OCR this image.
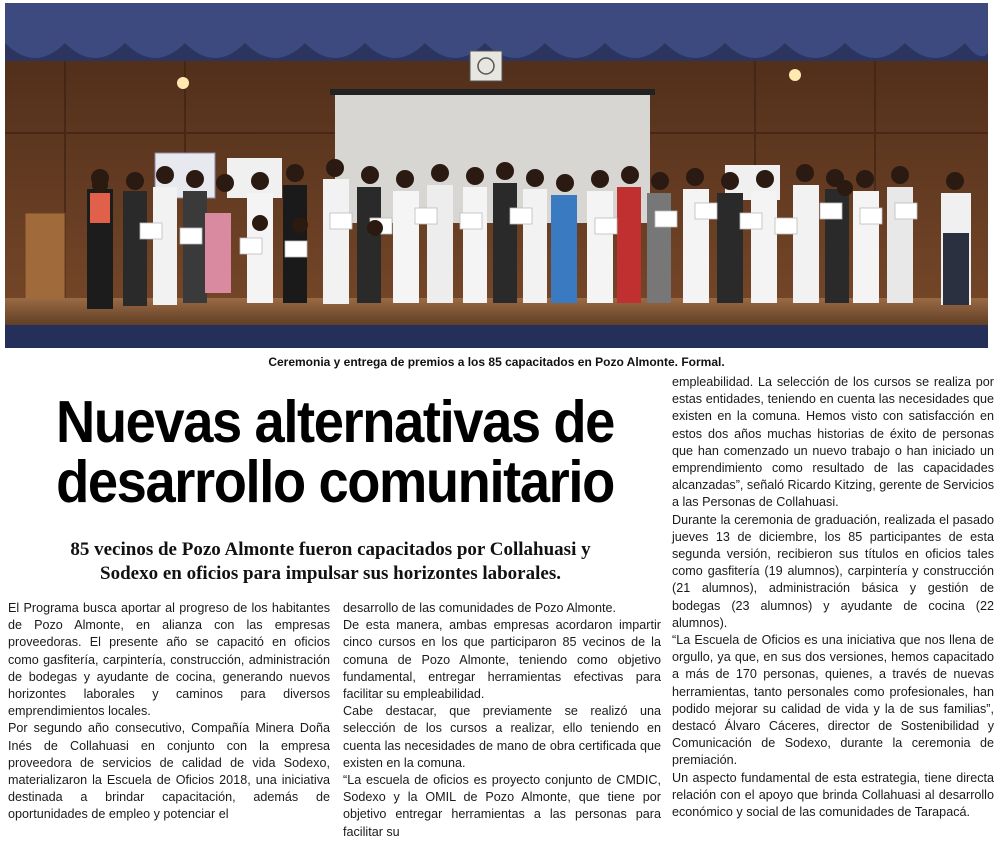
Ceremonia y entrega de premios a los 85 capacitados en Pozo Almonte. Formal.
Nuevas alternativas de
desarrollo comunitario
85 vecinos de Pozo Almonte fueron capacitados por Collahuasi y
Sodexo en oficios para impulsar sus horizontes laborales.

El Programa busca aportar al progreso de los habitantes de Pozo Almonte, en alianza con las empresas proveedoras. El presente año se capacitó en oficios como gasfitería, carpintería, construcción, administración de bodegas y ayudante de cocina, generando nuevos horizontes laborales y caminos para diversos emprendimientos locales.

Por segundo año consecutivo, Compañía Minera Doña Inés de Collahuasi en conjunto con la empresa proveedora de servicios de calidad de vida Sodexo, materializaron la Escuela de Oficios 2018, una iniciativa destinada a brindar capacitación, además de oportunidades de empleo y potenciar el

desarrollo de las comunidades de Pozo Almonte.

De esta manera, ambas empresas acordaron impartir cinco cursos en los que participaron 85 vecinos de la comuna de Pozo Almonte, teniendo como objetivo fundamental, entregar herramientas efectivas para facilitar su empleabilidad.

Cabe destacar, que previamente se realizó una selección de los cursos a realizar, ello teniendo en cuenta las necesidades de mano de obra certificada que existen en la comuna.

“La escuela de oficios es proyecto conjunto de CMDIC, Sodexo y la OMIL de Pozo Almonte, que tiene por objetivo entregar herramientas a las personas para facilitar su

empleabilidad. La selección de los cursos se realiza por estas entidades, teniendo en cuenta las necesidades que existen en la comuna. Hemos visto con satisfacción en estos dos años muchas historias de éxito de personas que han comenzado un nuevo trabajo o han iniciado un emprendimiento como resultado de las capacidades alcanzadas”, señaló Ricardo Kitzing, gerente de Servicios a las Personas de Collahuasi.

Durante la ceremonia de graduación, realizada el pasado jueves 13 de diciembre, los 85 participantes de esta segunda versión, recibieron sus títulos en oficios tales como gasfitería (19 alumnos), carpintería y construcción (21 alumnos), administración básica y gestión de bodegas (23 alumnos) y ayudante de cocina (22 alumnos).

“La Escuela de Oficios es una iniciativa que nos llena de orgullo, ya que, en sus dos versiones, hemos capacitado a más de 170 personas, quienes, a través de nuevas herramientas, tanto personales como profesionales, han podido mejorar su calidad de vida y la de sus familias”, destacó Álvaro Cáceres, director de Sostenibilidad y Comunicación de Sodexo, durante la ceremonia de premiación.

Un aspecto fundamental de esta estrategia, tiene directa relación con el apoyo que brinda Collahuasi al desarrollo económico y social de las comunidades de Tarapacá.
